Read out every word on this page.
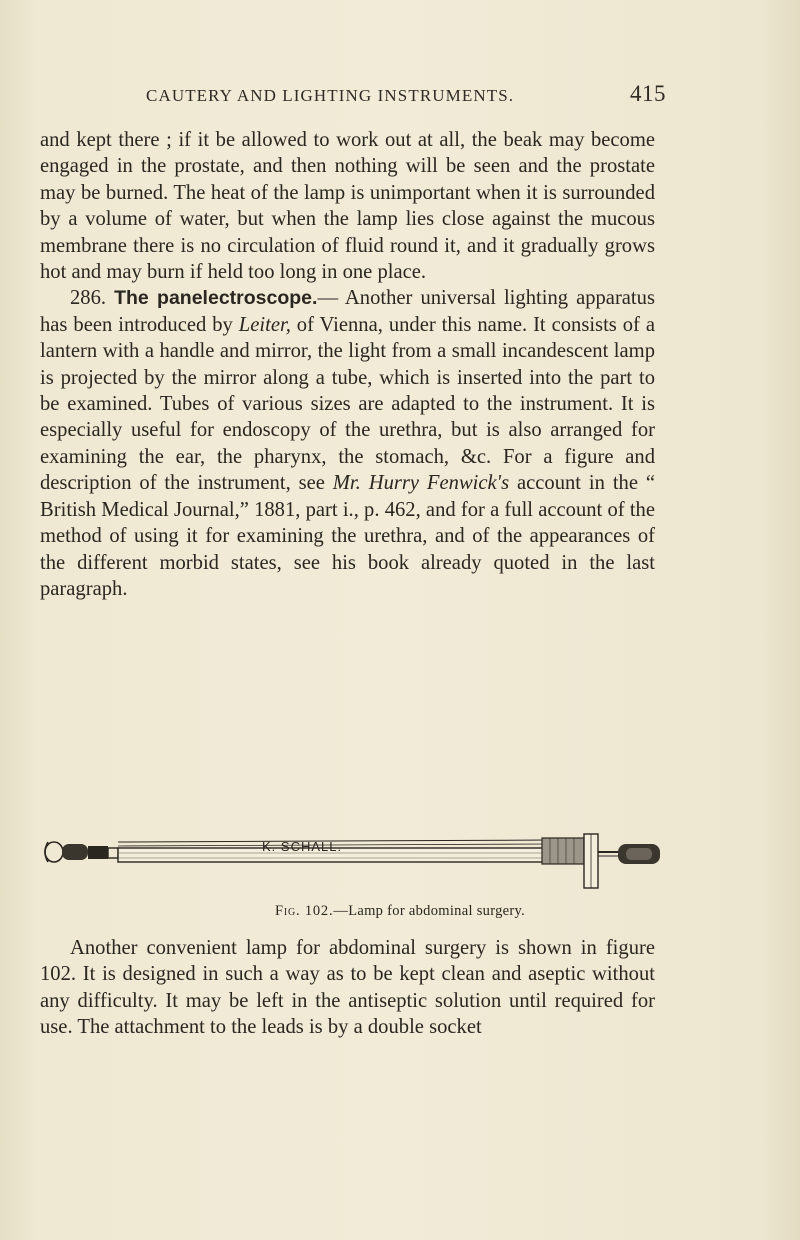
CAUTERY AND LIGHTING INSTRUMENTS.	415

and kept there ; if it be allowed to work out at all, the beak may become engaged in the prostate, and then nothing will be seen and the prostate may be burned. The heat of the lamp is unimportant when it is surrounded by a volume of water, but when the lamp lies close against the mucous membrane there is no circulation of fluid round it, and it gradually grows hot and may burn if held too long in one place.

286. The panelectroscope.— Another universal lighting apparatus has been introduced by Leiter, of Vienna, under this name. It consists of a lantern with a handle and mirror, the light from a small incandescent lamp is projected by the mirror along a tube, which is inserted into the part to be examined. Tubes of various sizes are adapted to the instrument. It is especially useful for endoscopy of the urethra, but is also arranged for examining the ear, the pharynx, the stomach, &c. For a figure and description of the instrument, see Mr. Hurry Fenwick's account in the “ British Medical Journal,” 1881, part i., p. 462, and for a full account of the method of using it for examining the urethra, and of the appearances of the different morbid states, see his book already quoted in the last paragraph.

K. SCHALL.
Fig. 102.—Lamp for abdominal surgery.

Another convenient lamp for abdominal surgery is shown in figure 102. It is designed in such a way as to be kept clean and aseptic without any difficulty. It may be left in the antiseptic solution until required for use. The attachment to the leads is by a double socket
